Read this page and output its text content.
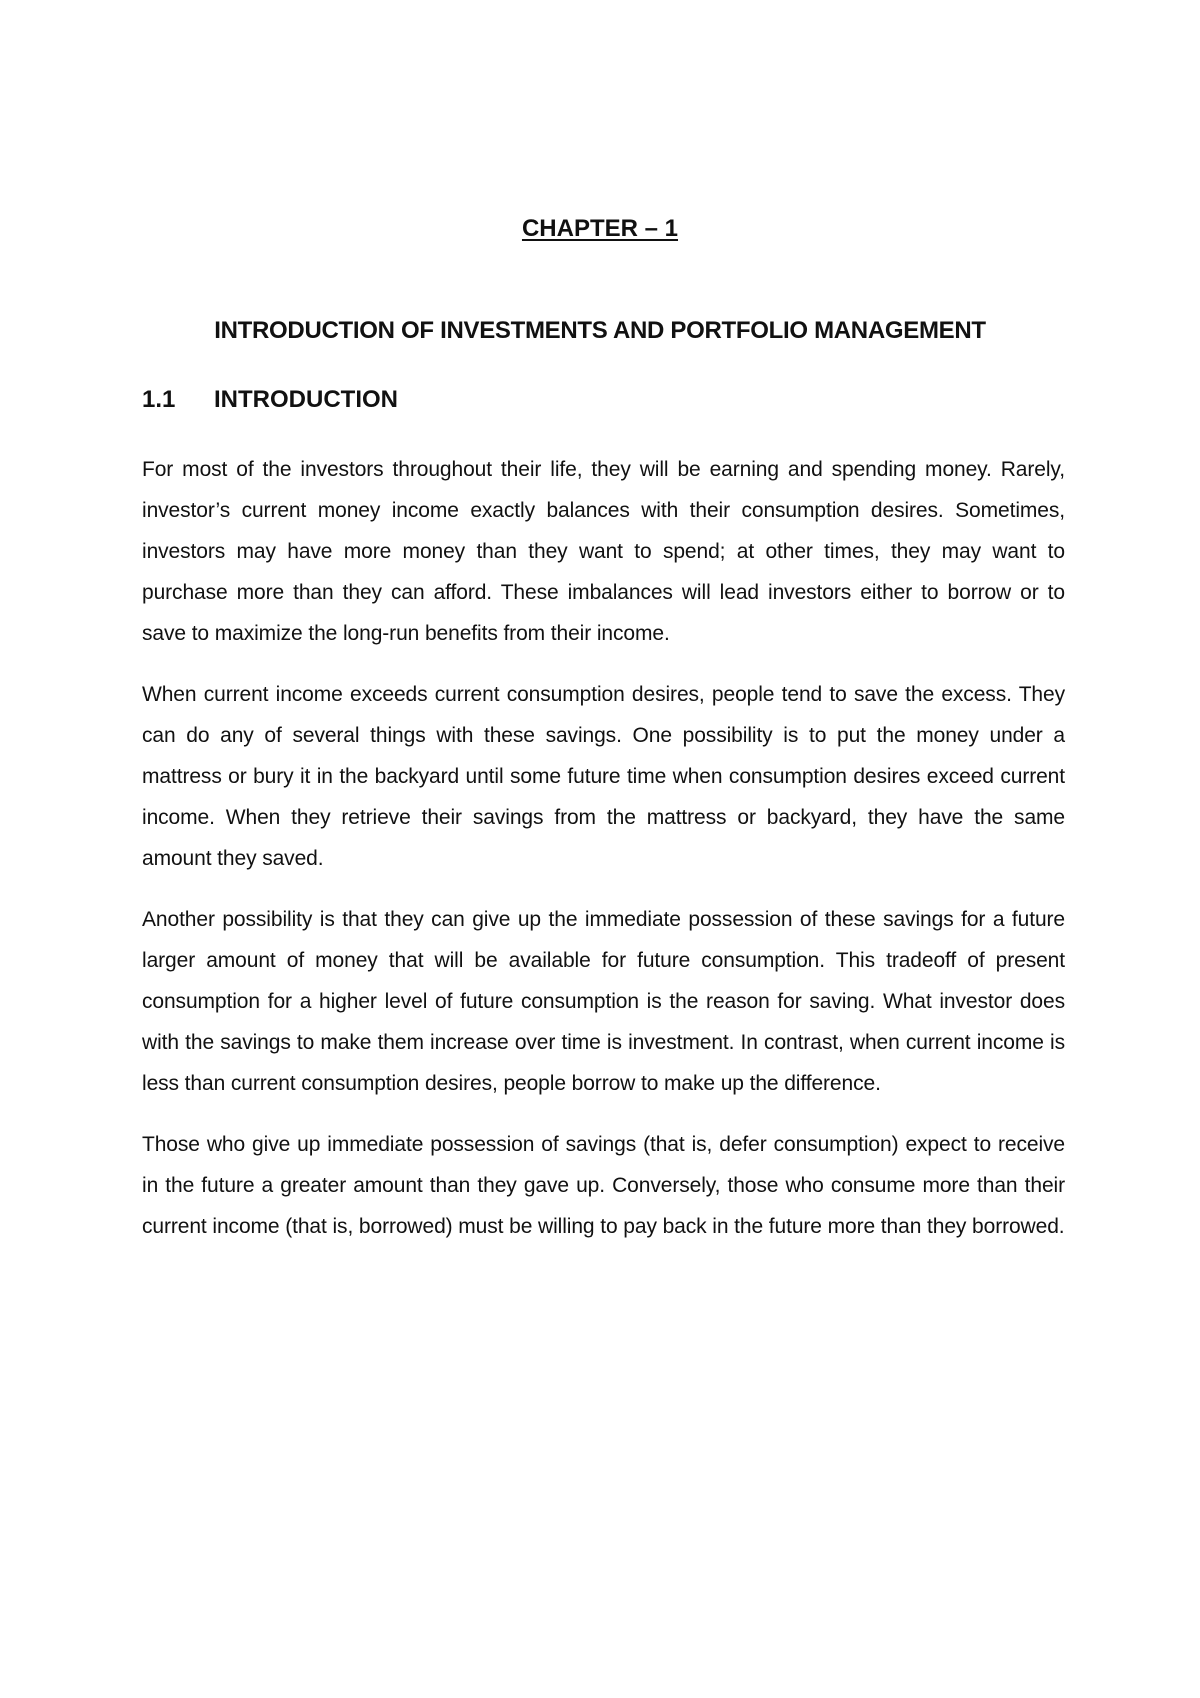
CHAPTER – 1
INTRODUCTION OF INVESTMENTS AND PORTFOLIO MANAGEMENT
1.1 INTRODUCTION

For most of the investors throughout their life, they will be earning and spending money. Rarely, investor’s current money income exactly balances with their consumption desires. Sometimes, investors may have more money than they want to spend; at other times, they may want to purchase more than they can afford. These imbalances will lead investors either to borrow or to save to maximize the long-run benefits from their income.

When current income exceeds current consumption desires, people tend to save the excess. They can do any of several things with these savings. One possibility is to put the money under a mattress or bury it in the backyard until some future time when consumption desires exceed current income. When they retrieve their savings from the mattress or backyard, they have the same amount they saved.

Another possibility is that they can give up the immediate possession of these savings for a future larger amount of money that will be available for future consumption. This tradeoff of present consumption for a higher level of future consumption is the reason for saving. What investor does with the savings to make them increase over time is investment. In contrast, when current income is less than current consumption desires, people borrow to make up the difference.

Those who give up immediate possession of savings (that is, defer consumption) expect to receive in the future a greater amount than they gave up. Conversely, those who consume more than their current income (that is, borrowed) must be willing to pay back in the future more than they borrowed.
